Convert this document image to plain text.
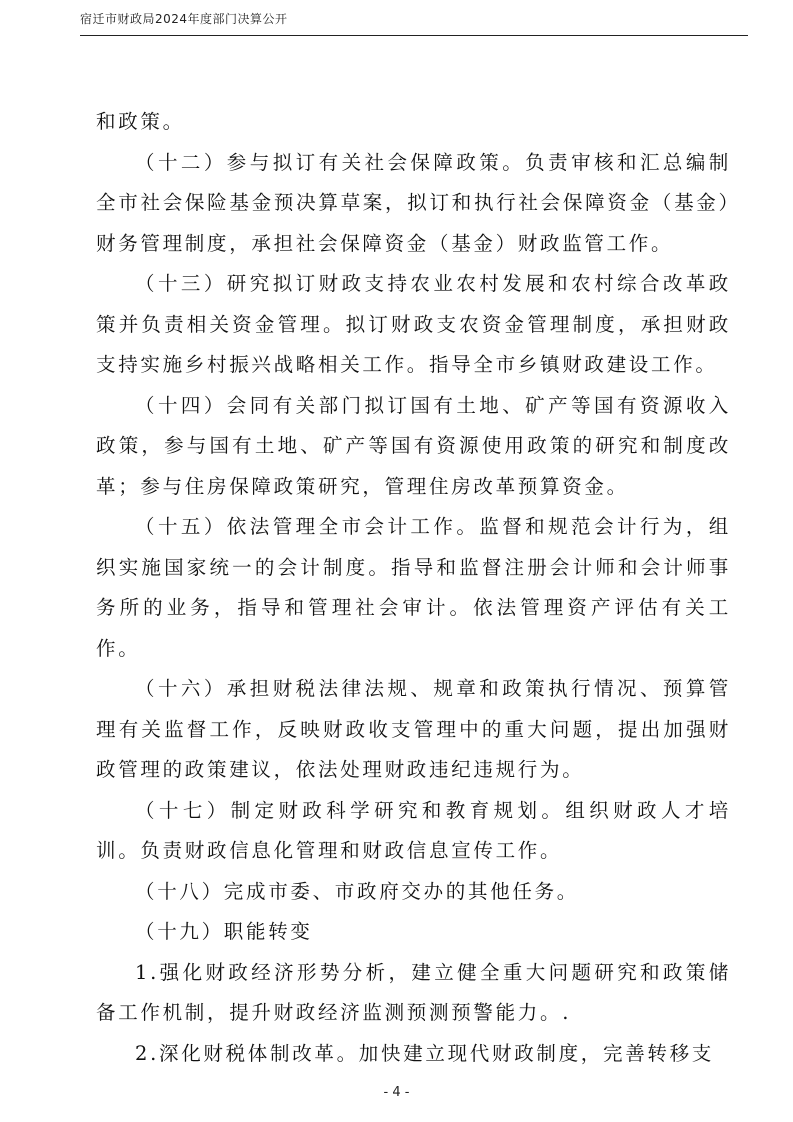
宿迁市财政局2024年度部门决算公开

和政策。

（十二）参与拟订有关社会保障政策。负责审核和汇总编制全市社会保险基金预决算草案，拟订和执行社会保障资金（基金）财务管理制度，承担社会保障资金（基金）财政监管工作。

（十三）研究拟订财政支持农业农村发展和农村综合改革政策并负责相关资金管理。拟订财政支农资金管理制度，承担财政支持实施乡村振兴战略相关工作。指导全市乡镇财政建设工作。

（十四）会同有关部门拟订国有土地、矿产等国有资源收入政策，参与国有土地、矿产等国有资源使用政策的研究和制度改革；参与住房保障政策研究，管理住房改革预算资金。

（十五）依法管理全市会计工作。监督和规范会计行为，组织实施国家统一的会计制度。指导和监督注册会计师和会计师事务所的业务，指导和管理社会审计。依法管理资产评估有关工作。

（十六）承担财税法律法规、规章和政策执行情况、预算管理有关监督工作，反映财政收支管理中的重大问题，提出加强财政管理的政策建议，依法处理财政违纪违规行为。

（十七）制定财政科学研究和教育规划。组织财政人才培训。负责财政信息化管理和财政信息宣传工作。

（十八）完成市委、市政府交办的其他任务。

（十九）职能转变

1.强化财政经济形势分析，建立健全重大问题研究和政策储备工作机制，提升财政经济监测预测预警能力。.

2.深化财税体制改革。加快建立现代财政制度，完善转移支

- 4 -
